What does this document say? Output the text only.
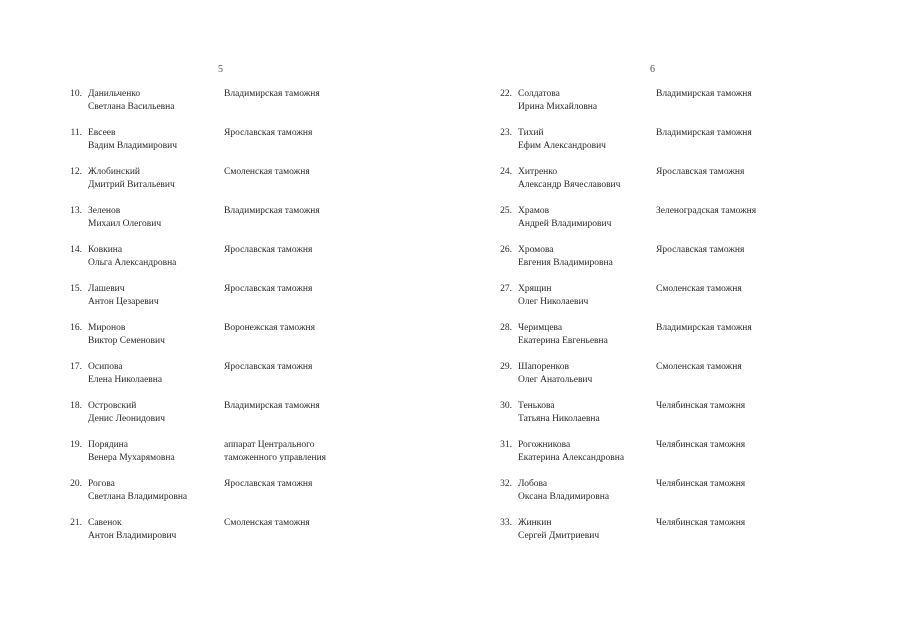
5	6
10. Данильченко
Светлана Васильевна
Владимирская таможня
11. Евсеев
Вадим Владимирович
Ярославская таможня
12. Жлобинский
Дмитрий Витальевич
Смоленская таможня
13. Зеленов
Михаил Олегович
Владимирская таможня
14. Ковкина
Ольга Александровна
Ярославская таможня
15. Лашевич
Антон Цезаревич
Ярославская таможня
16. Миронов
Виктор Семенович
Воронежская таможня
17. Осипова
Елена Николаевна
Ярославская таможня
18. Островский
Денис Леонидович
Владимирская таможня
19. Порядина
Венера Мухарямовна
аппарат Центрального таможенного управления
20. Рогова
Светлана Владимировна
Ярославская таможня
21. Савенок
Антон Владимирович
Смоленская таможня
22. Солдатова
Ирина Михайловна
Владимирская таможня
23. Тихий
Ефим Александрович
Владимирская таможня
24. Хитренко
Александр Вячеславович
Ярославская таможня
25. Храмов
Андрей Владимирович
Зеленоградская таможня
26. Хромова
Евгения Владимировна
Ярославская таможня
27. Хрящин
Олег Николаевич
Смоленская таможня
28. Черимцева
Екатерина Евгеньевна
Владимирская таможня
29. Шапоренков
Олег Анатольевич
Смоленская таможня
30. Тенькова
Татьяна Николаевна
Челябинская таможня
31. Рогожникова
Екатерина Александровна
Челябинская таможня
32. Лобова
Оксана Владимировна
Челябинская таможня
33. Жинкин
Сергей Дмитриевич
Челябинская таможня
